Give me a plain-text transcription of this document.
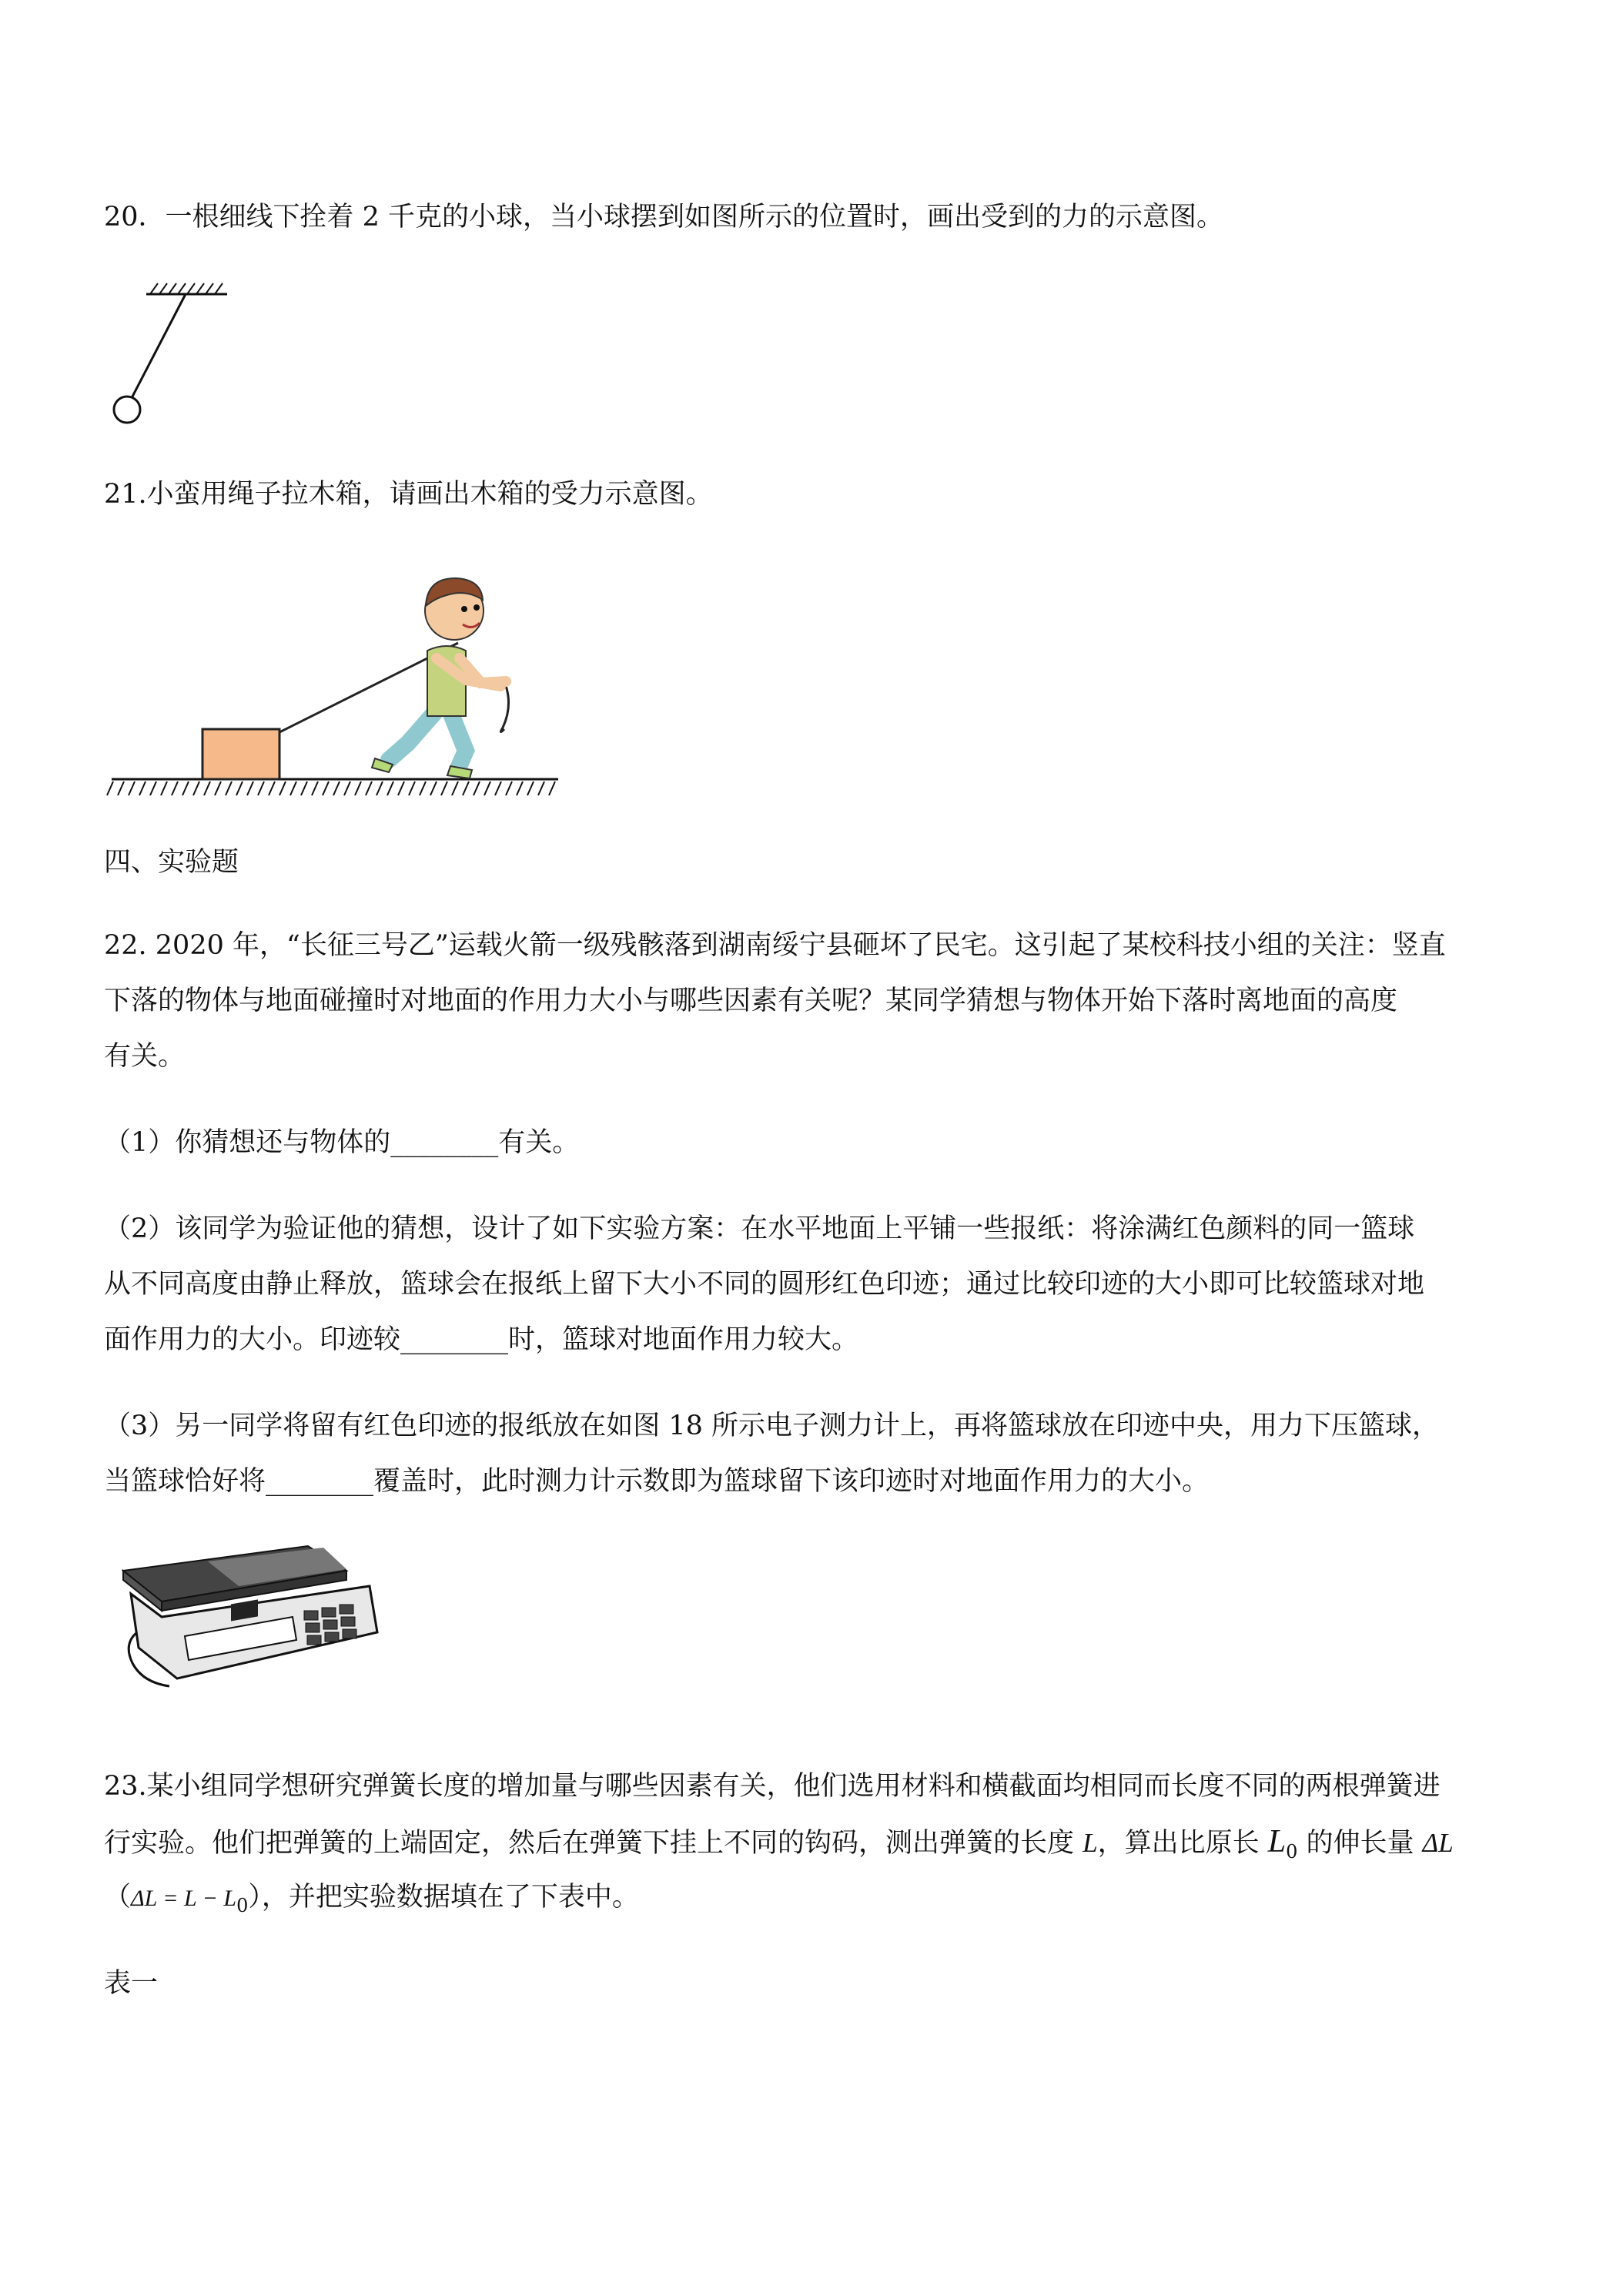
20．一根细线下拴着 2 千克的小球，当小球摆到如图所示的位置时，画出受到的力的示意图。

21.小蛮用绳子拉木箱，请画出木箱的受力示意图。

四、实验题

22. 2020 年，“长征三号乙”运载火箭一级残骸落到湖南绥宁县砸坏了民宅。这引起了某校科技小组的关注：竖直

下落的物体与地面碰撞时对地面的作用力大小与哪些因素有关呢？某同学猜想与物体开始下落时离地面的高度

有关。

（1）你猜想还与物体的________有关。

（2）该同学为验证他的猜想，设计了如下实验方案：在水平地面上平铺一些报纸：将涂满红色颜料的同一篮球

从不同高度由静止释放，篮球会在报纸上留下大小不同的圆形红色印迹；通过比较印迹的大小即可比较篮球对地

面作用力的大小。印迹较________时，篮球对地面作用力较大。

（3）另一同学将留有红色印迹的报纸放在如图 18 所示电子测力计上，再将篮球放在印迹中央，用力下压篮球，

当篮球恰好将________覆盖时，此时测力计示数即为篮球留下该印迹时对地面作用力的大小。

23.某小组同学想研究弹簧长度的增加量与哪些因素有关，他们选用材料和横截面均相同而长度不同的两根弹簧进

行实验。他们把弹簧的上端固定，然后在弹簧下挂上不同的钩码，测出弹簧的长度 L，算出比原长 $L_0$ 的伸长量 ΔL

$(\Delta L = L - L_0)$，并把实验数据填在了下表中。

表一
